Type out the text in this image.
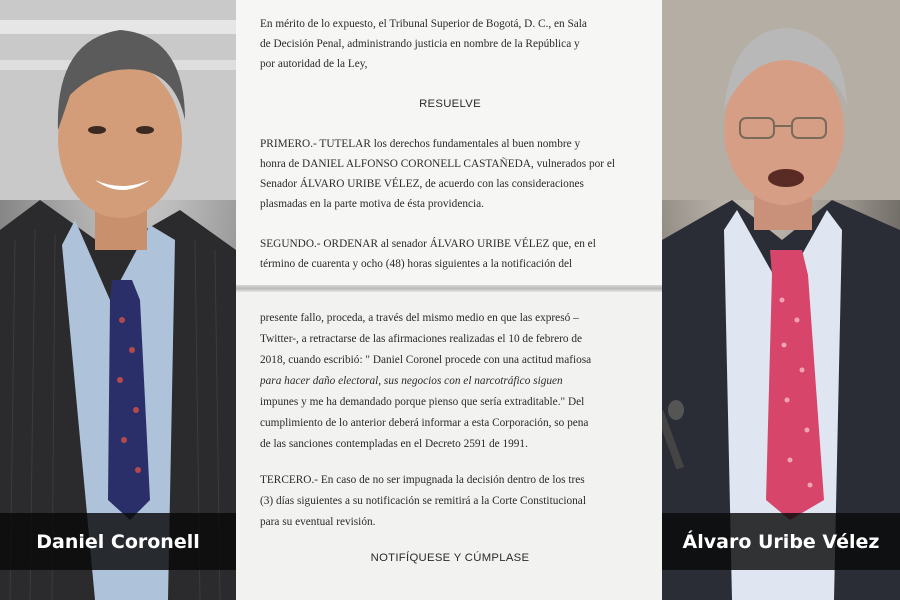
En mérito de lo expuesto, el Tribunal Superior de Bogotá, D. C., en Sala
de Decisión Penal, administrando justicia en nombre de la República y
por autoridad de la Ley,
RESUELVE
PRIMERO.- TUTELAR los derechos fundamentales al buen nombre y
honra de DANIEL ALFONSO CORONELL CASTAÑEDA, vulnerados por el
Senador ÁLVARO URIBE VÉLEZ, de acuerdo con las consideraciones
plasmadas en la parte motiva de ésta providencia.
SEGUNDO.- ORDENAR al senador ÁLVARO URIBE VÉLEZ que, en el
término de cuarenta y ocho (48) horas siguientes a la notificación del
presente fallo, proceda, a través del mismo medio en que las expresó –
Twitter-, a retractarse de las afirmaciones realizadas el 10 de febrero de
2018, cuando escribió: " Daniel Coronel procede con una actitud mafiosa
para hacer daño electoral, sus negocios con el narcotráfico siguen
impunes y me ha demandado porque pienso que sería extraditable." Del
cumplimiento de lo anterior deberá informar a esta Corporación, so pena
de las sanciones contempladas en el Decreto 2591 de 1991.
TERCERO.- En caso de no ser impugnada la decisión dentro de los tres
(3) días siguientes a su notificación se remitirá a la Corte Constitucional
para su eventual revisión.
NOTIFÍQUESE Y CÚMPLASE
Daniel Coronell	Álvaro Uribe Vélez
